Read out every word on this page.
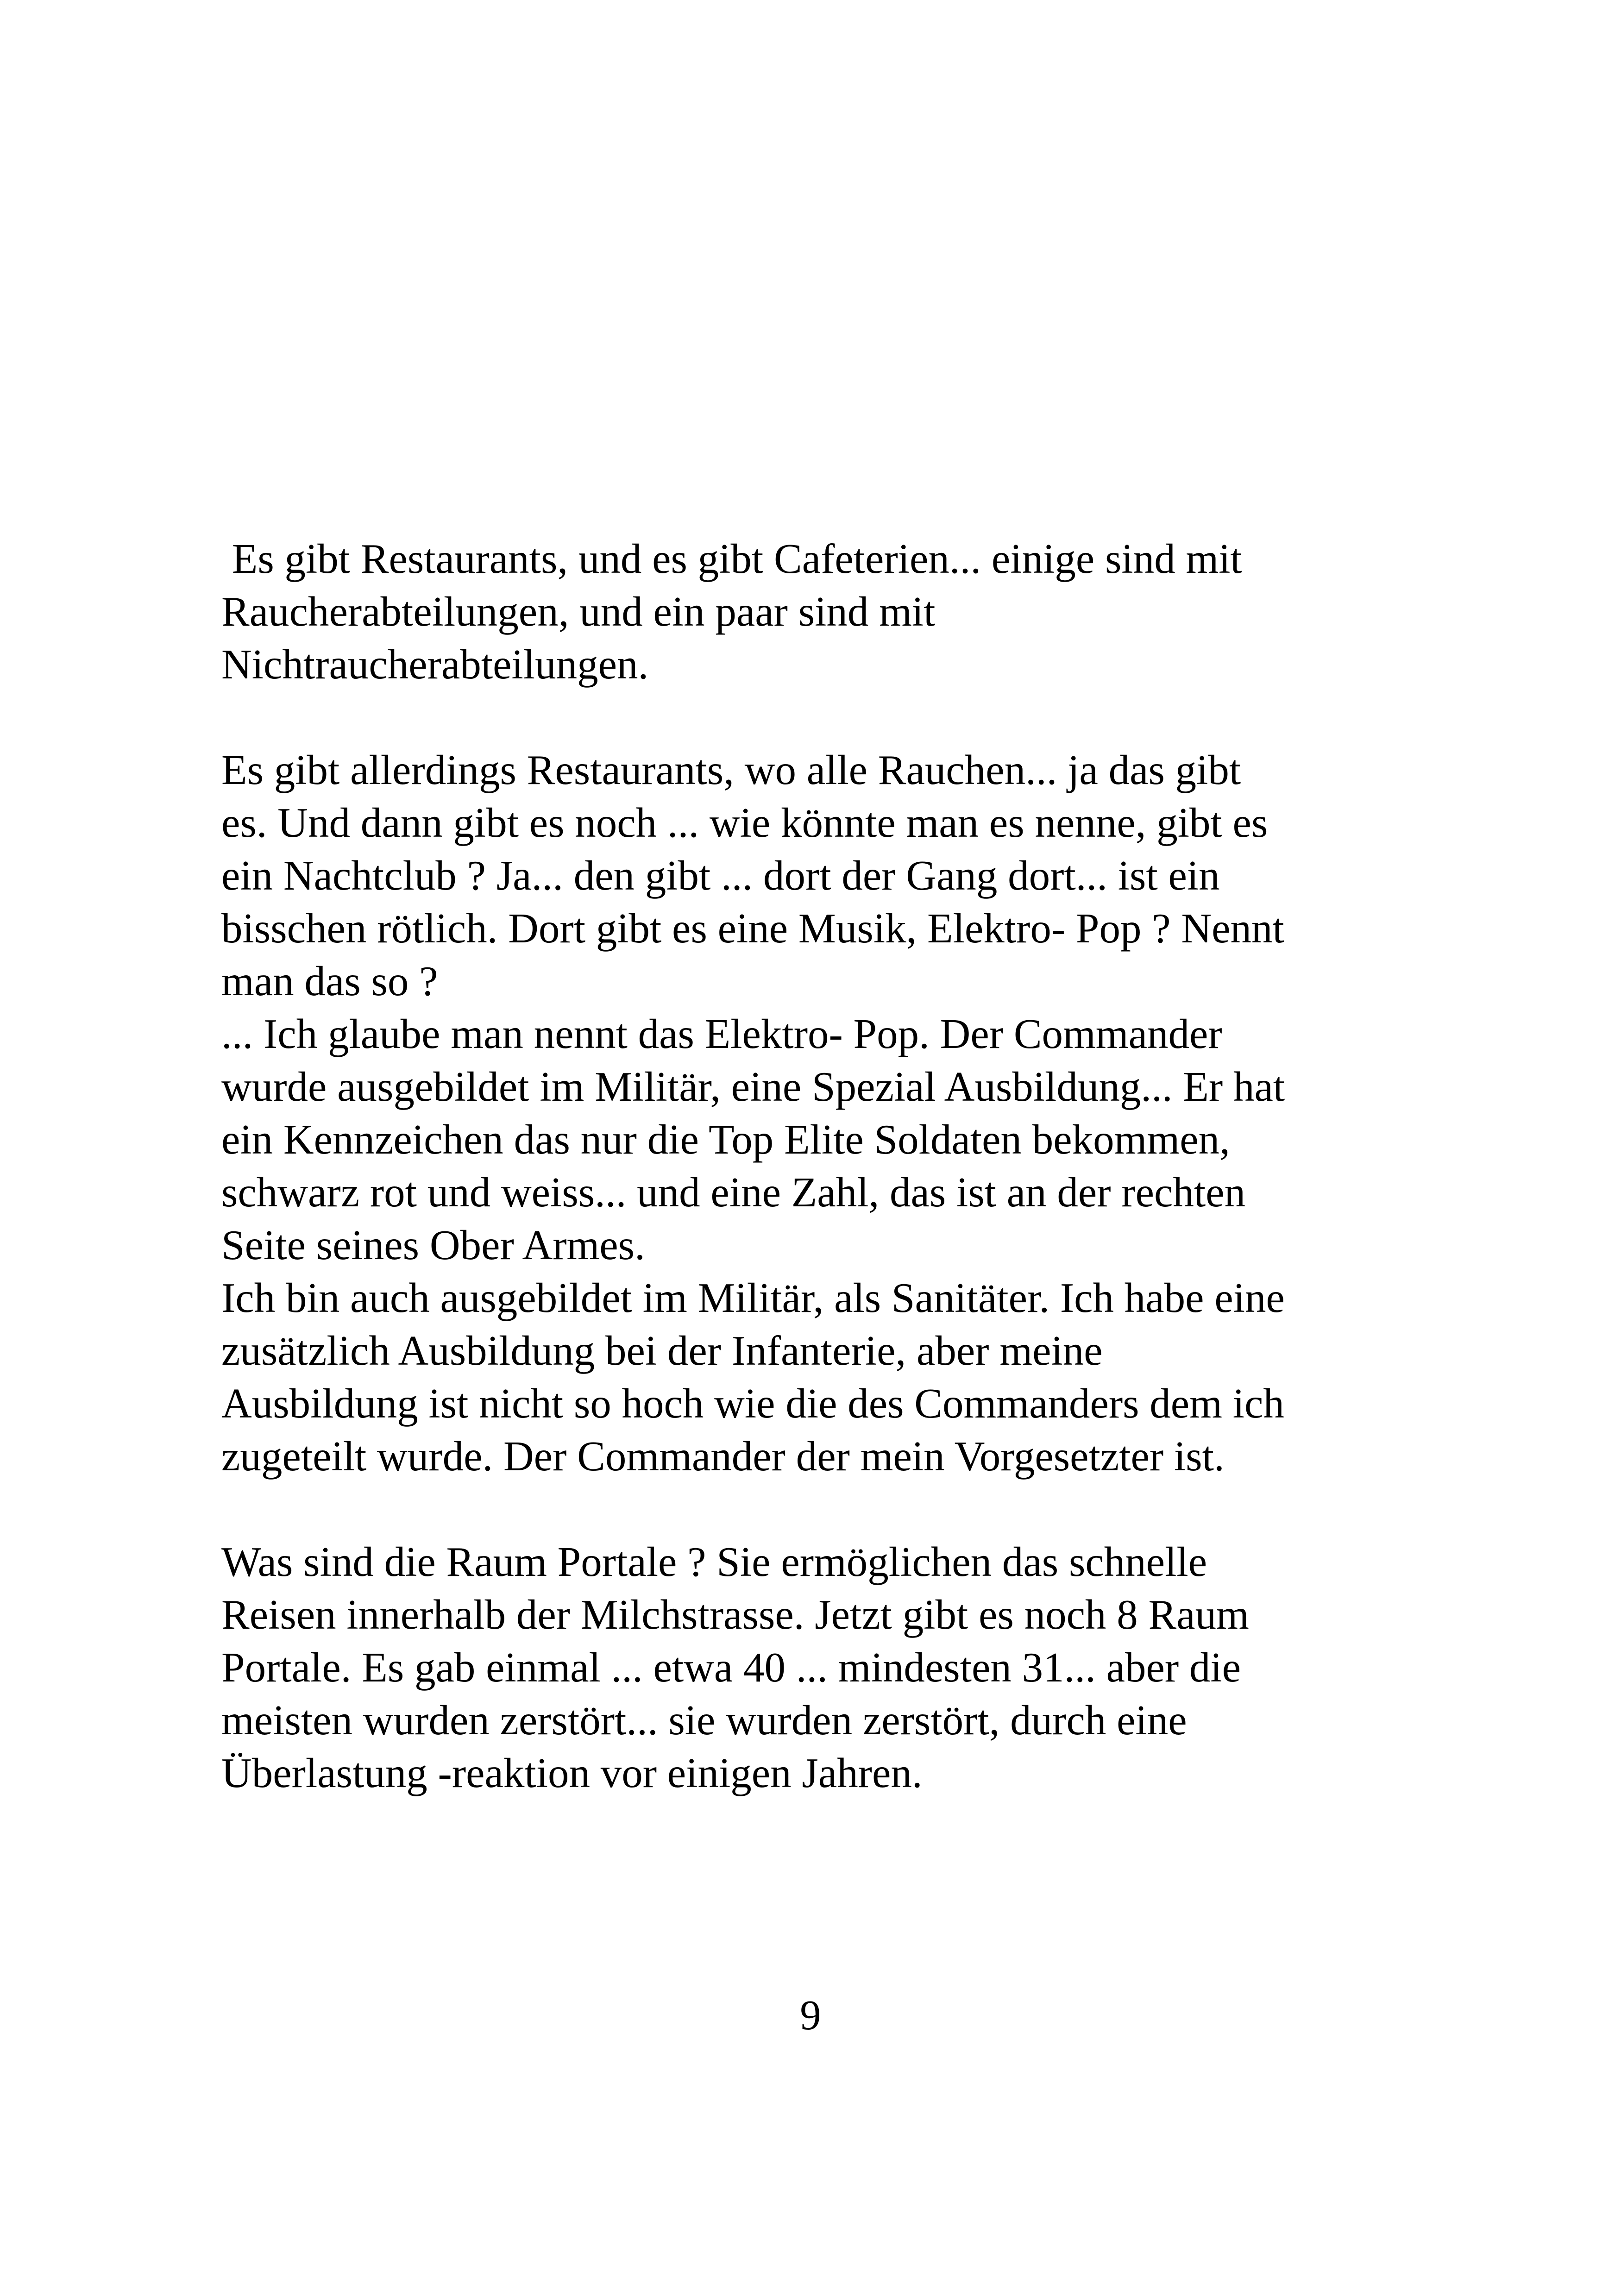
Es gibt Restaurants, und es gibt Cafeterien... einige sind mit
Raucherabteilungen, und ein paar sind mit
Nichtraucherabteilungen.
Es gibt allerdings Restaurants, wo alle Rauchen... ja das gibt
es. Und dann gibt es noch ... wie könnte man es nenne, gibt es
ein Nachtclub ? Ja... den gibt ... dort der Gang dort... ist ein
bisschen rötlich. Dort gibt es eine Musik, Elektro- Pop ? Nennt
man das so ?
... Ich glaube man nennt das Elektro- Pop. Der Commander
wurde ausgebildet im Militär, eine Spezial Ausbildung... Er hat
ein Kennzeichen das nur die Top Elite Soldaten bekommen,
schwarz rot und weiss... und eine Zahl, das ist an der rechten
Seite seines Ober Armes.
Ich bin auch ausgebildet im Militär, als Sanitäter. Ich habe eine
zusätzlich Ausbildung bei der Infanterie, aber meine
Ausbildung ist nicht so hoch wie die des Commanders dem ich
zugeteilt wurde. Der Commander der mein Vorgesetzter ist.
Was sind die Raum Portale ? Sie ermöglichen das schnelle
Reisen innerhalb der Milchstrasse. Jetzt gibt es noch 8 Raum
Portale. Es gab einmal ... etwa 40 ... mindesten 31... aber die
meisten wurden zerstört... sie wurden zerstört, durch eine
Überlastung -reaktion vor einigen Jahren.
9
